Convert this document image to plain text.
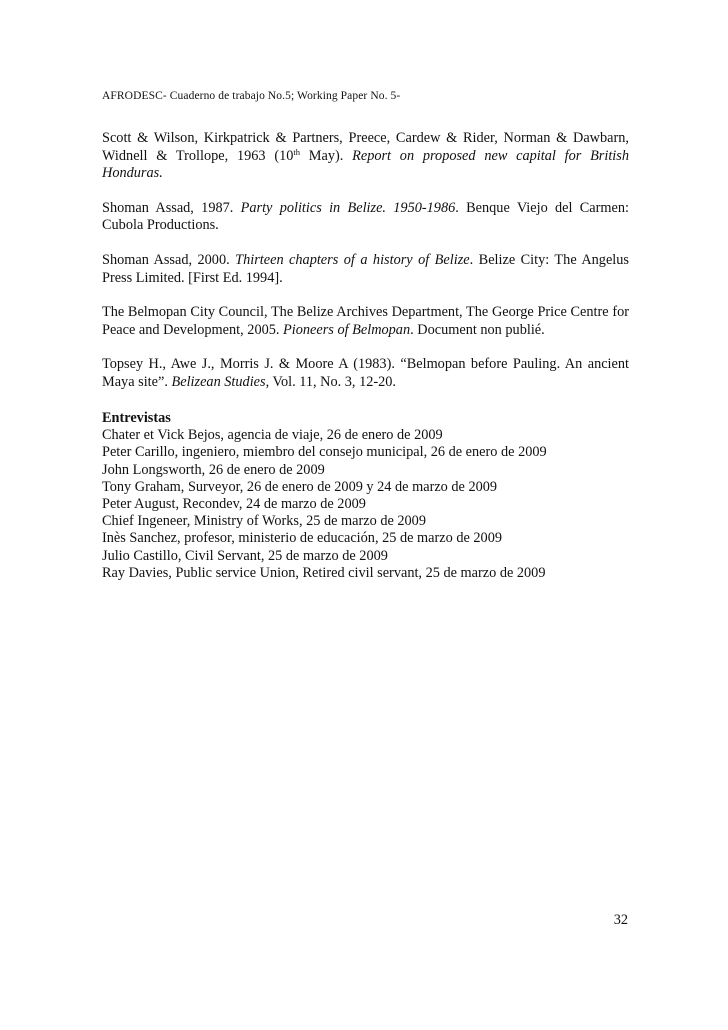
AFRODESC- Cuaderno de trabajo No.5; Working Paper No. 5-

Scott & Wilson, Kirkpatrick & Partners, Preece, Cardew & Rider, Norman & Dawbarn, Widnell & Trollope, 1963 (10th May). Report on proposed new capital for British Honduras.

Shoman Assad, 1987. Party politics in Belize. 1950-1986. Benque Viejo del Carmen: Cubola Productions.

Shoman Assad, 2000. Thirteen chapters of a history of Belize. Belize City: The Angelus Press Limited. [First Ed. 1994].

The Belmopan City Council, The Belize Archives Department, The George Price Centre for Peace and Development, 2005. Pioneers of Belmopan. Document non publié.

Topsey H., Awe J., Morris J. & Moore A (1983). “Belmopan before Pauling. An ancient Maya site”. Belizean Studies, Vol. 11, No. 3, 12-20.

Entrevistas
Chater et Vick Bejos, agencia de viaje, 26 de enero de 2009
Peter Carillo, ingeniero, miembro del consejo municipal, 26 de enero de 2009
John Longsworth, 26 de enero de 2009
Tony Graham, Surveyor, 26 de enero de 2009 y 24 de marzo de 2009
Peter August, Recondev, 24 de marzo de 2009
Chief Ingeneer, Ministry of Works, 25 de marzo de 2009
Inès Sanchez, profesor, ministerio de educación, 25 de marzo de 2009
Julio Castillo, Civil Servant, 25 de marzo de 2009
Ray Davies, Public service Union, Retired civil servant, 25 de marzo de 2009
32
